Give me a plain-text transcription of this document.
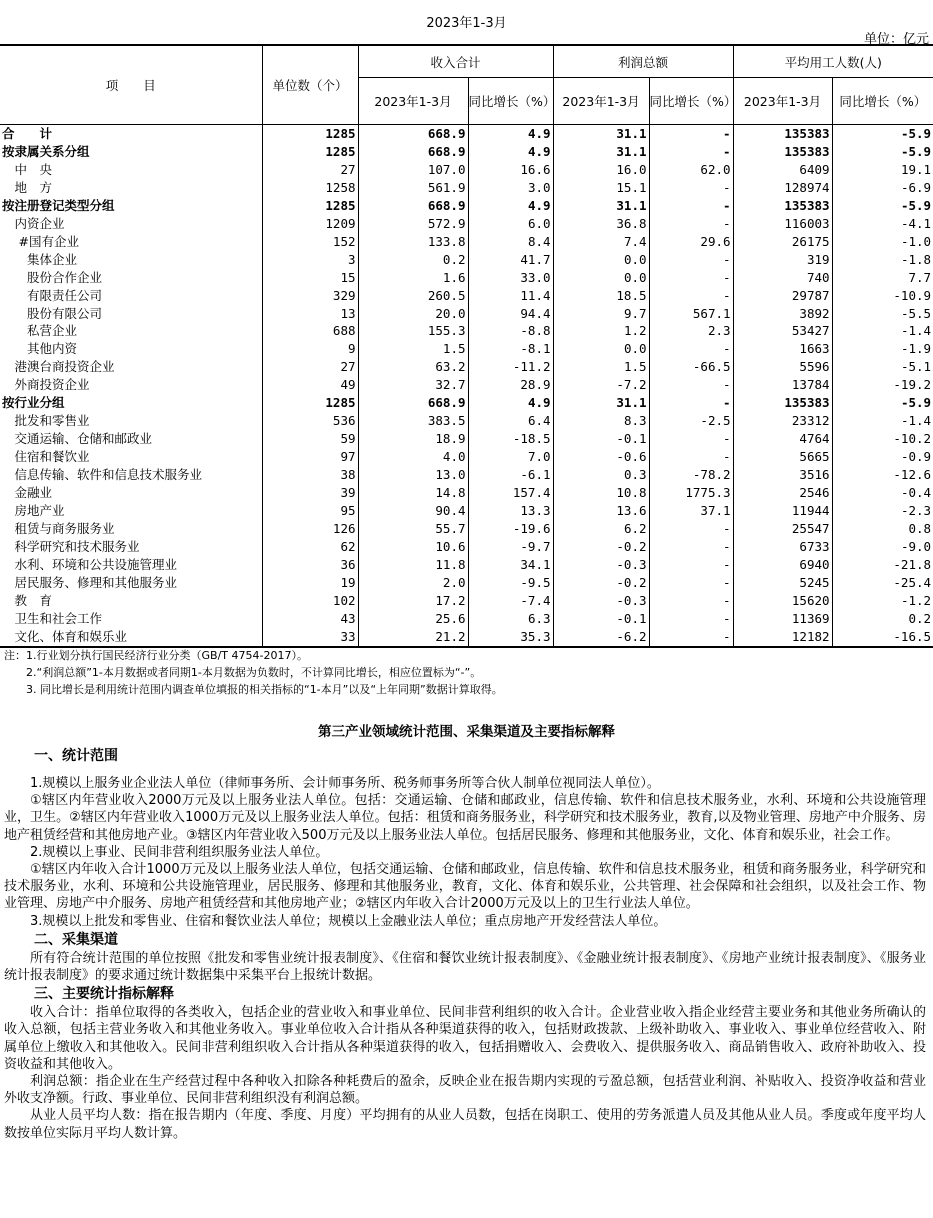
2023年1-3月
单位：亿元
项　　目	单位数（个）	收入合计		利润总额		平均用工人数(人)	
		2023年1-3月	同比增长（%）	2023年1-3月	同比增长（%）	2023年1-3月	同比增长（%）
合　　计	1285	668.9	4.9	31.1	-	135383	-5.9
按隶属关系分组	1285	668.9	4.9	31.1	-	135383	-5.9
　中　央	27	107.0	16.6	16.0	62.0	6409	19.1
　地　方	1258	561.9	3.0	15.1	-	128974	-6.9
按注册登记类型分组	1285	668.9	4.9	31.1	-	135383	-5.9
　内资企业	1209	572.9	6.0	36.8	-	116003	-4.1
　 #国有企业	152	133.8	8.4	7.4	29.6	26175	-1.0
　　集体企业	3	0.2	41.7	0.0	-	319	-1.8
　　股份合作企业	15	1.6	33.0	0.0	-	740	7.7
　　有限责任公司	329	260.5	11.4	18.5	-	29787	-10.9
　　股份有限公司	13	20.0	94.4	9.7	567.1	3892	-5.5
　　私营企业	688	155.3	-8.8	1.2	2.3	53427	-1.4
　　其他内资	9	1.5	-8.1	0.0	-	1663	-1.9
　港澳台商投资企业	27	63.2	-11.2	1.5	-66.5	5596	-5.1
　外商投资企业	49	32.7	28.9	-7.2	-	13784	-19.2
按行业分组	1285	668.9	4.9	31.1	-	135383	-5.9
　批发和零售业	536	383.5	6.4	8.3	-2.5	23312	-1.4
　交通运输、仓储和邮政业	59	18.9	-18.5	-0.1	-	4764	-10.2
　住宿和餐饮业	97	4.0	7.0	-0.6	-	5665	-0.9
　信息传输、软件和信息技术服务业	38	13.0	-6.1	0.3	-78.2	3516	-12.6
　金融业	39	14.8	157.4	10.8	1775.3	2546	-0.4
　房地产业	95	90.4	13.3	13.6	37.1	11944	-2.3
　租赁与商务服务业	126	55.7	-19.6	6.2	-	25547	0.8
　科学研究和技术服务业	62	10.6	-9.7	-0.2	-	6733	-9.0
　水利、环境和公共设施管理业	36	11.8	34.1	-0.3	-	6940	-21.8
　居民服务、修理和其他服务业	19	2.0	-9.5	-0.2	-	5245	-25.4
　教　育	102	17.2	-7.4	-0.3	-	15620	-1.2
　卫生和社会工作	43	25.6	6.3	-0.1	-	11369	0.2
　文化、体育和娱乐业	33	21.2	35.3	-6.2	-	12182	-16.5
注：1.行业划分执行国民经济行业分类（GB/T 4754-2017）。
　　2.“利润总额”1-本月数据或者同期1-本月数据为负数时，不计算同比增长，相应位置标为“-”。
　　3. 同比增长是利用统计范围内调查单位填报的相关指标的“1-本月”以及“上年同期”数据计算取得。
第三产业领域统计范围、采集渠道及主要指标解释
一、统计范围

1.规模以上服务业企业法人单位（律师事务所、会计师事务所、税务师事务所等合伙人制单位视同法人单位）。

①辖区内年营业收入2000万元及以上服务业法人单位。包括：交通运输、仓储和邮政业，信息传输、软件和信息技术服务业，水利、环境和公共设施管理业，卫生。②辖区内年营业收入1000万元及以上服务业法人单位。包括：租赁和商务服务业，科学研究和技术服务业，教育,以及物业管理、房地产中介服务、房地产租赁经营和其他房地产业。③辖区内年营业收入500万元及以上服务业法人单位。包括居民服务、修理和其他服务业，文化、体育和娱乐业，社会工作。

2.规模以上事业、民间非营利组织服务业法人单位。

①辖区内年收入合计1000万元及以上服务业法人单位，包括交通运输、仓储和邮政业，信息传输、软件和信息技术服务业，租赁和商务服务业，科学研究和技术服务业，水利、环境和公共设施管理业，居民服务、修理和其他服务业，教育，文化、体育和娱乐业，公共管理、社会保障和社会组织，以及社会工作、物业管理、房地产中介服务、房地产租赁经营和其他房地产业；②辖区内年收入合计2000万元及以上的卫生行业法人单位。

3.规模以上批发和零售业、住宿和餐饮业法人单位；规模以上金融业法人单位；重点房地产开发经营法人单位。

二、采集渠道

所有符合统计范围的单位按照《批发和零售业统计报表制度》、《住宿和餐饮业统计报表制度》、《金融业统计报表制度》、《房地产业统计报表制度》、《服务业统计报表制度》的要求通过统计数据集中采集平台上报统计数据。

三、主要统计指标解释

收入合计：指单位取得的各类收入，包括企业的营业收入和事业单位、民间非营利组织的收入合计。企业营业收入指企业经营主要业务和其他业务所确认的收入总额，包括主营业务收入和其他业务收入。事业单位收入合计指从各种渠道获得的收入，包括财政拨款、上级补助收入、事业收入、事业单位经营收入、附属单位上缴收入和其他收入。民间非营利组织收入合计指从各种渠道获得的收入，包括捐赠收入、会费收入、提供服务收入、商品销售收入、政府补助收入、投资收益和其他收入。

利润总额：指企业在生产经营过程中各种收入扣除各种耗费后的盈余，反映企业在报告期内实现的亏盈总额，包括营业利润、补贴收入、投资净收益和营业外收支净额。行政、事业单位、民间非营利组织没有利润总额。

从业人员平均人数：指在报告期内（年度、季度、月度）平均拥有的从业人员数，包括在岗职工、使用的劳务派遣人员及其他从业人员。季度或年度平均人数按单位实际月平均人数计算。
